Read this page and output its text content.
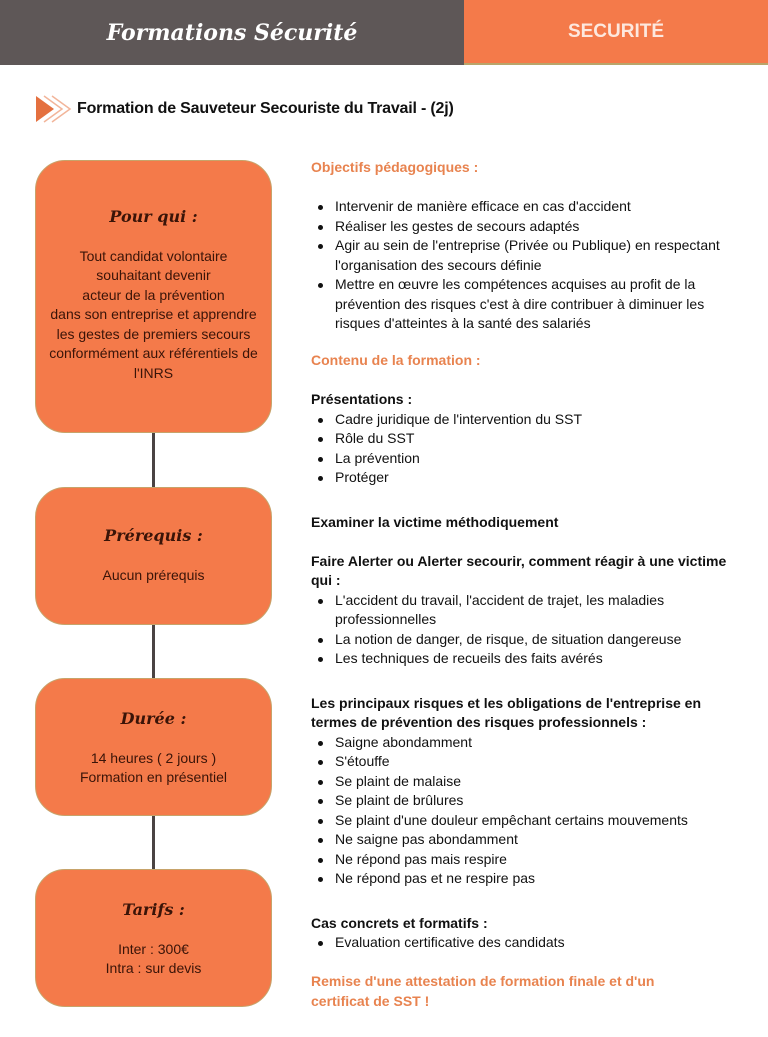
Formations Sécurité	SECURITÉ
Formation de Sauveteur Secouriste du Travail - (2j)
Pour qui :
Tout candidat volontaire
souhaitant devenir
acteur de la prévention
dans son entreprise et apprendre
les gestes de premiers secours
conformément aux référentiels de
l'INRS
Prérequis :
Aucun prérequis
Durée :
14 heures ( 2 jours )
Formation en présentiel
Tarifs :
Inter : 300€
Intra : sur devis
Objectifs pédagogiques :
Intervenir de manière efficace en cas d'accident
Réaliser les gestes de secours adaptés
Agir au sein de l'entreprise (Privée ou Publique) en respectant l'organisation des secours définie
Mettre en œuvre les compétences acquises au profit de la prévention des risques c'est à dire contribuer à diminuer les risques d'atteintes à la santé des salariés
Contenu de la formation :
Présentations :
Cadre juridique de l'intervention du SST
Rôle du SST
La prévention
Protéger
Examiner la victime méthodiquement
Faire Alerter ou Alerter secourir, comment réagir à une victime qui :
L'accident du travail, l'accident de trajet, les maladies professionnelles
La notion de danger, de risque, de situation dangereuse
Les techniques de recueils des faits avérés
Les principaux risques et les obligations de l'entreprise en termes de prévention des risques professionnels :
Saigne abondamment
S'étouffe
Se plaint de malaise
Se plaint de brûlures
Se plaint d'une douleur empêchant certains mouvements
Ne saigne pas abondamment
Ne répond pas mais respire
Ne répond pas et ne respire pas
Cas concrets et formatifs :
Evaluation certificative des candidats
Remise d'une attestation de formation finale et d'un certificat de SST !
